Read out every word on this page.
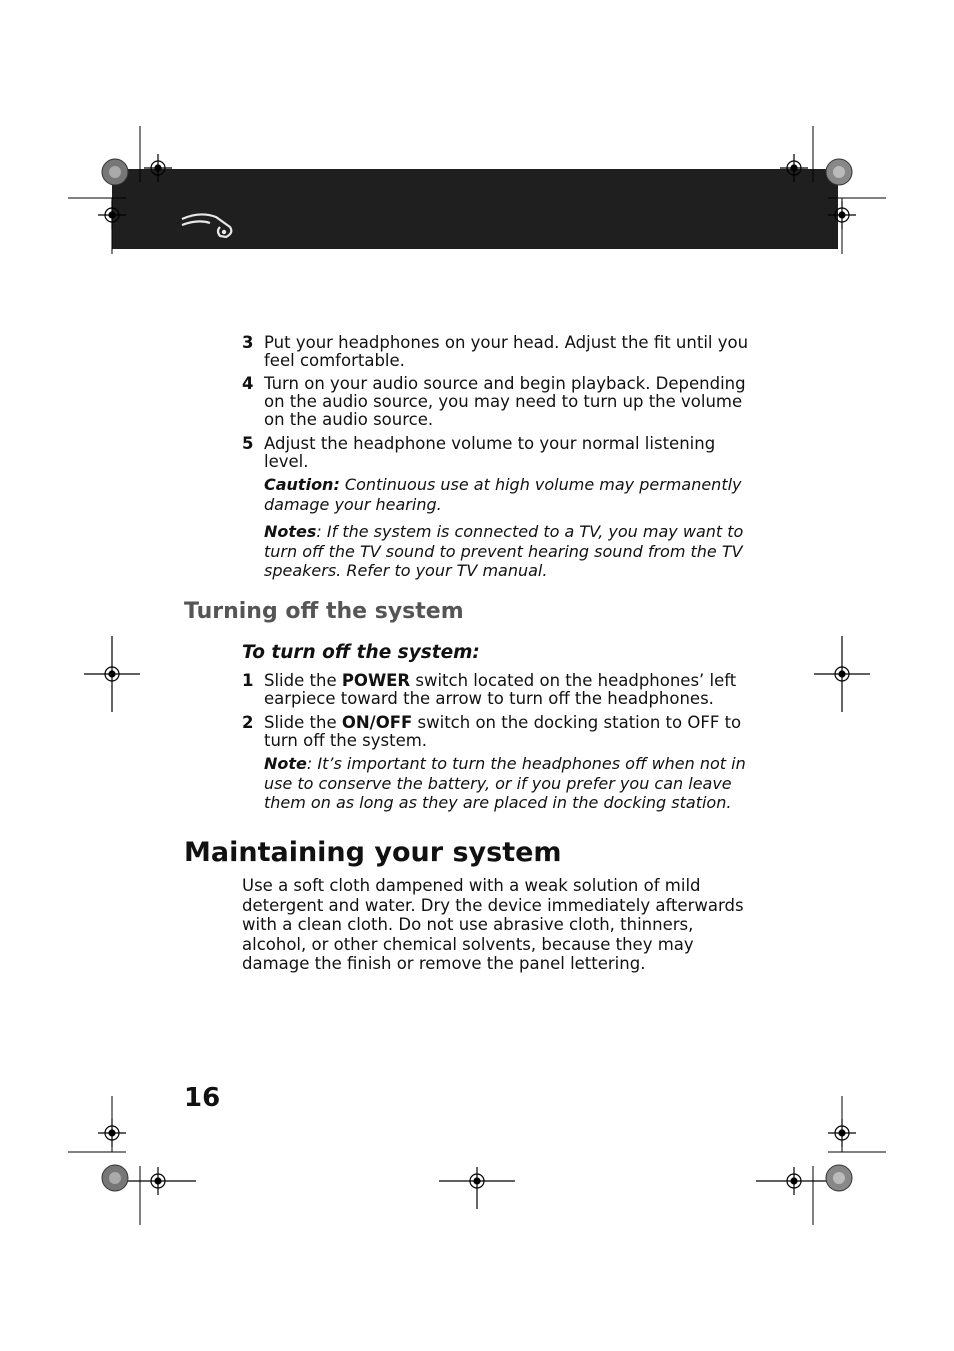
3 Put your headphones on your head. Adjust the fit until you feel comfortable.
4 Turn on your audio source and begin playback. Depending on the audio source, you may need to turn up the volume on the audio source.
5 Adjust the headphone volume to your normal listening level.
Caution: Continuous use at high volume may permanently damage your hearing.
Notes: If the system is connected to a TV, you may want to turn off the TV sound to prevent hearing sound from the TV speakers. Refer to your TV manual.
Turning off the system
To turn off the system:
1 Slide the POWER switch located on the headphones’ left earpiece toward the arrow to turn off the headphones.
2 Slide the ON/OFF switch on the docking station to OFF to turn off the system.
Note: It’s important to turn the headphones off when not in use to conserve the battery, or if you prefer you can leave them on as long as they are placed in the docking station.
Maintaining your system
Use a soft cloth dampened with a weak solution of mild detergent and water. Dry the device immediately afterwards with a clean cloth. Do not use abrasive cloth, thinners, alcohol, or other chemical solvents, because they may damage the finish or remove the panel lettering.
16
